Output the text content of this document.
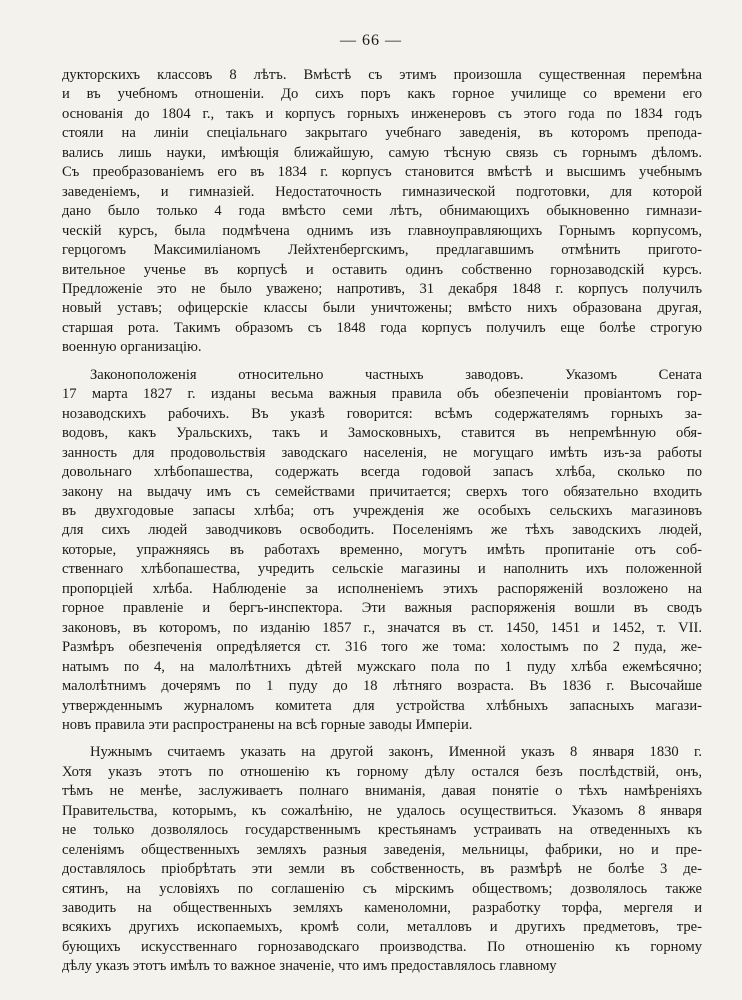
— 66 —
дукторскихъ классовъ 8 лѣтъ. Вмѣстѣ съ этимъ произошла существенная перемѣна
и въ учебномъ отношеніи. До сихъ поръ какъ горное училище со времени его
основанія до 1804 г., такъ и корпусъ горныхъ инженеровъ съ этого года по 1834 годъ
стояли на линіи спеціальнаго закрытаго учебнаго заведенія, въ которомъ препода-
вались лишь науки, имѣющія ближайшую, самую тѣсную связь съ горнымъ дѣломъ.
Съ преобразованіемъ его въ 1834 г. корпусъ становится вмѣстѣ и высшимъ учебнымъ
заведеніемъ, и гимназіей. Недостаточность гимназической подготовки, для которой
дано было только 4 года вмѣсто семи лѣтъ, обнимающихъ обыкновенно гимнази-
ческій курсъ, была подмѣчена однимъ изъ главноуправляющихъ Горнымъ корпусомъ,
герцогомъ Максимиліаномъ Лейхтенбергскимъ, предлагавшимъ отмѣнить пригото-
вительное ученье въ корпусѣ и оставить одинъ собственно горнозаводскій курсъ.
Предложеніе это не было уважено; напротивъ, 31 декабря 1848 г. корпусъ получилъ
новый уставъ; офицерскіе классы были уничтожены; вмѣсто нихъ образована другая,
старшая рота. Такимъ образомъ съ 1848 года корпусъ получилъ еще болѣе строгую
военную организацію.
Законоположенія относительно частныхъ заводовъ. Указомъ Сената
17 марта 1827 г. изданы весьма важныя правила объ обезпеченіи провіантомъ гор-
нозаводскихъ рабочихъ. Въ указѣ говорится: всѣмъ содержателямъ горныхъ за-
водовъ, какъ Уральскихъ, такъ и Замосковныхъ, ставится въ непремѣнную обя-
занность для продовольствія заводскаго населенія, не могущаго имѣть изъ-за работы
довольнаго хлѣбопашества, содержать всегда годовой запасъ хлѣба, сколько по
закону на выдачу имъ съ семействами причитается; сверхъ того обязательно входить
въ двухгодовые запасы хлѣба; отъ учрежденія же особыхъ сельскихъ магазиновъ
для сихъ людей заводчиковъ освободить. Поселеніямъ же тѣхъ заводскихъ людей,
которые, упражняясь въ работахъ временно, могутъ имѣть пропитаніе отъ соб-
ственнаго хлѣбопашества, учредить сельскіе магазины и наполнить ихъ положенной
пропорціей хлѣба. Наблюденіе за исполненіемъ этихъ распоряженій возложено на
горное правленіе и бергъ-инспектора. Эти важныя распоряженія вошли въ сводъ
законовъ, въ которомъ, по изданію 1857 г., значатся въ ст. 1450, 1451 и 1452, т. VII.
Размѣръ обезпеченія опредѣляется ст. 316 того же тома: холостымъ по 2 пуда, же-
натымъ по 4, на малолѣтнихъ дѣтей мужскаго пола по 1 пуду хлѣба ежемѣсячно;
малолѣтнимъ дочерямъ по 1 пуду до 18 лѣтняго возраста. Въ 1836 г. Высочайше
утвержденнымъ журналомъ комитета для устройства хлѣбныхъ запасныхъ магази-
новъ правила эти распространены на всѣ горные заводы Имперіи.
Нужнымъ считаемъ указать на другой законъ, Именной указъ 8 января 1830 г.
Хотя указъ этотъ по отношенію къ горному дѣлу остался безъ послѣдствій, онъ,
тѣмъ не менѣе, заслуживаетъ полнаго вниманія, давая понятіе о тѣхъ намѣреніяхъ
Правительства, которымъ, къ сожалѣнію, не удалось осуществиться. Указомъ 8 января
не только дозволялось государственнымъ крестьянамъ устраивать на отведенныхъ къ
селеніямъ общественныхъ земляхъ разныя заведенія, мельницы, фабрики, но и пре-
доставлялось пріобрѣтать эти земли въ собственность, въ размѣрѣ не болѣе 3 де-
сятинъ, на условіяхъ по соглашенію съ мірскимъ обществомъ; дозволялось также
заводить на общественныхъ земляхъ каменоломни, разработку торфа, мергеля и
всякихъ другихъ ископаемыхъ, кромѣ соли, металловъ и другихъ предметовъ, тре-
бующихъ искусственнаго горнозаводскаго производства. По отношенію къ горному
дѣлу указъ этотъ имѣлъ то важное значеніе, что имъ предоставлялось главному
